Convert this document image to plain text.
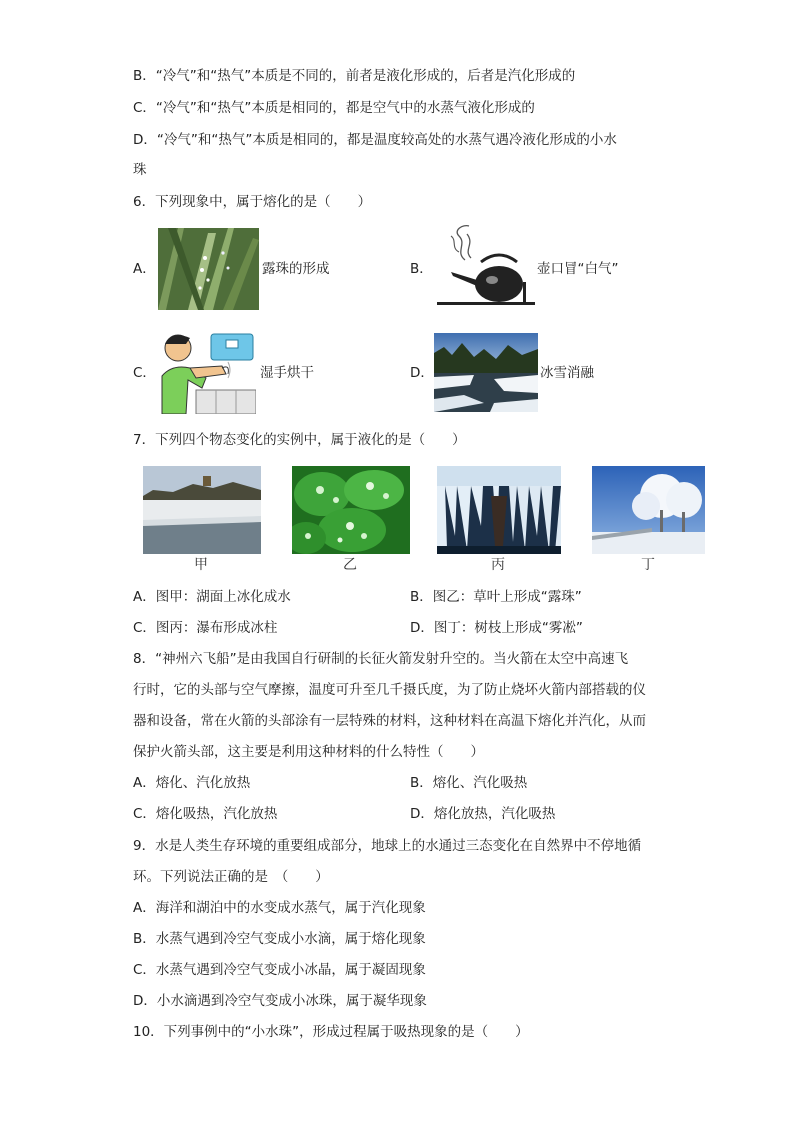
B．“冷气”和“热气”本质是不同的，前者是液化形成的，后者是汽化形成的
C．“冷气”和“热气”本质是相同的，都是空气中的水蒸气液化形成的
D．“冷气”和“热气”本质是相同的，都是温度较高处的水蒸气遇冷液化形成的小水
珠
6．下列现象中，属于熔化的是（　　）
A．	露珠的形成	B．	壶口冒“白气”
C．	湿手烘干	D．	冰雪消融
7．下列四个物态变化的实例中，属于液化的是（　　）
甲	乙	丙	丁
A．图甲：湖面上冰化成水	B．图乙：草叶上形成“露珠”
C．图丙：瀑布形成冰柱	D．图丁：树枝上形成“雾凇”
8．“神州六飞船”是由我国自行研制的长征火箭发射升空的。当火箭在太空中高速飞
行时，它的头部与空气摩擦，温度可升至几千摄氏度，为了防止烧坏火箭内部搭载的仪
器和设备，常在火箭的头部涂有一层特殊的材料，这种材料在高温下熔化并汽化，从而
保护火箭头部，这主要是利用这种材料的什么特性（　　）
A．熔化、汽化放热	B．熔化、汽化吸热
C．熔化吸热，汽化放热	D．熔化放热，汽化吸热
9．水是人类生存环境的重要组成部分，地球上的水通过三态变化在自然界中不停地循
环。下列说法正确的是　（　　）
A．海洋和湖泊中的水变成水蒸气，属于汽化现象
B．水蒸气遇到冷空气变成小水滴，属于熔化现象
C．水蒸气遇到冷空气变成小冰晶，属于凝固现象
D．小水滴遇到冷空气变成小冰珠，属于凝华现象
10．下列事例中的“小水珠”，形成过程属于吸热现象的是（　　）
